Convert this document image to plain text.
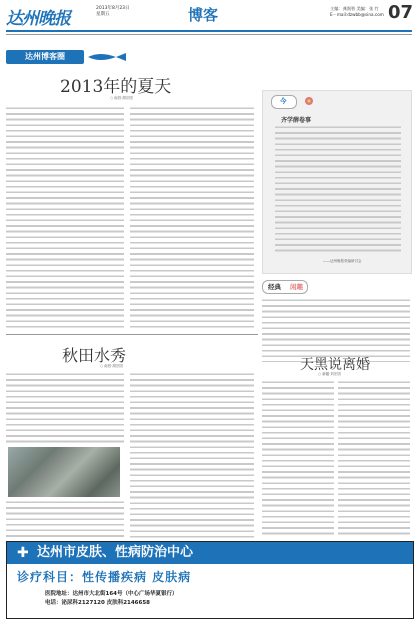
达州晚报
2013年8月23日
星期五	博客	主编：龚润智 美编：张 竹
E－mail:dzwbb@sina.com 07
达州博客圈
2013年的夏天
○ 南昌·胡宗国	今
齐学薛卷事
——达州晚报采编研讨会
经典 闲趣
秋田水秀
○ 南昌·胡宗国	天黑说离婚
○ 新疆·刘宏国
✚ 达州市皮肤、性病防治中心
诊疗科目：性传播疾病 皮肤病
医院地址：达州市大北街164号（中心广场华夏银行）
电话：泌尿科2127120 皮肤科2146658
